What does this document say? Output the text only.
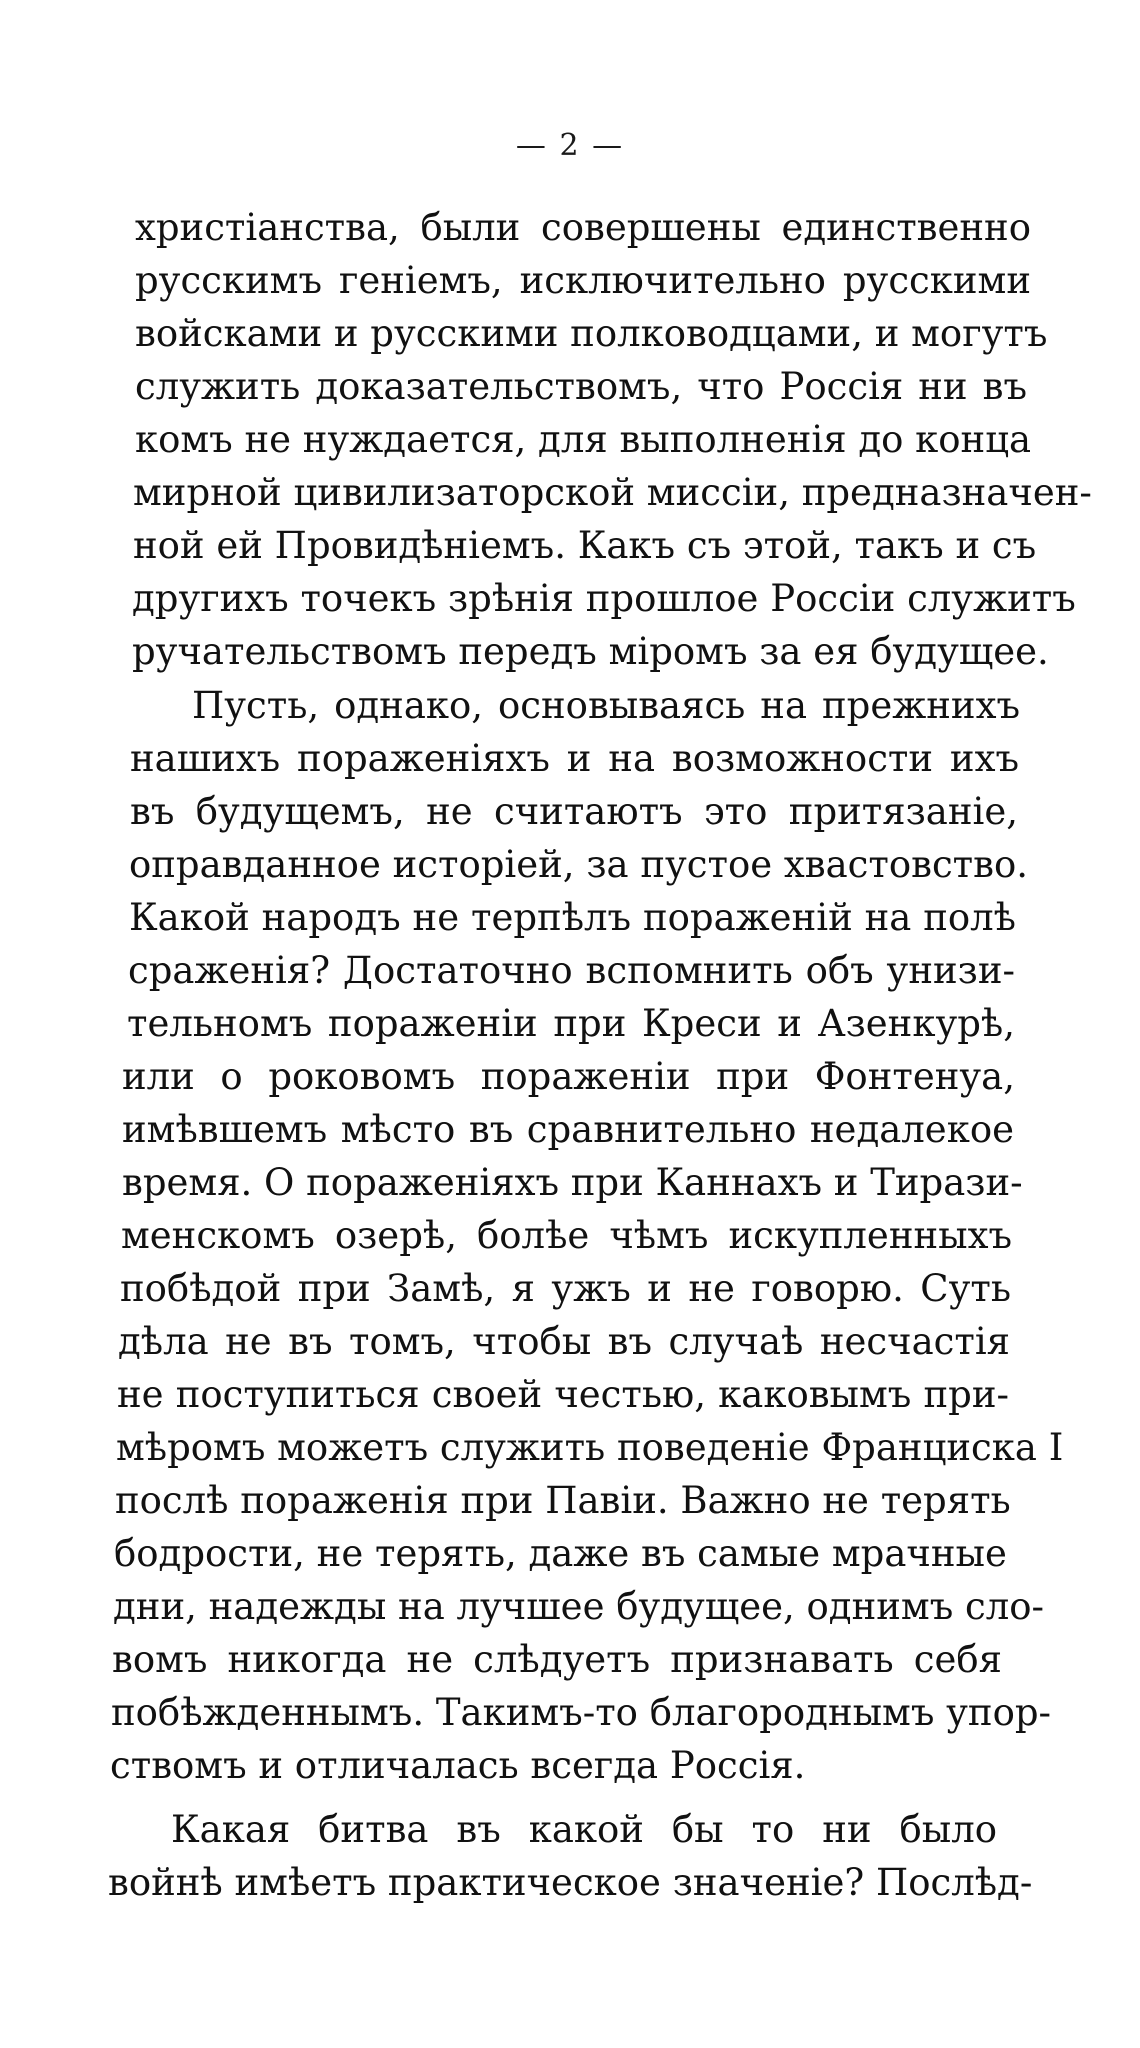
— 2 —
христіанства, были совершены единственно
русскимъ геніемъ, исключительно русскими
войсками и русскими полководцами, и могутъ
служить доказательствомъ, что Россія ни въ
комъ не нуждается, для выполненія до конца
мирной цивилизаторской миссіи, предназначен-
ной ей Провидѣніемъ. Какъ съ этой, такъ и съ
другихъ точекъ зрѣнія прошлое Россіи служитъ
ручательствомъ передъ міромъ за ея будущее.
Пусть, однако, основываясь на прежнихъ
нашихъ пораженіяхъ и на возможности ихъ
въ будущемъ, не считаютъ это притязаніе,
оправданное исторіей, за пустое хвастовство.
Какой народъ не терпѣлъ пораженій на полѣ
сраженія? Достаточно вспомнить объ унизи-
тельномъ пораженіи при Креси и Азенкурѣ,
или о роковомъ пораженіи при Фонтенуа,
имѣвшемъ мѣсто въ сравнительно недалекое
время. О пораженіяхъ при Каннахъ и Тирази-
менскомъ озерѣ, болѣе чѣмъ искупленныхъ
побѣдой при Замѣ, я ужъ и не говорю. Суть
дѣла не въ томъ, чтобы въ случаѣ несчастія
не поступиться своей честью, каковымъ при-
мѣромъ можетъ служить поведеніе Франциска I
послѣ пораженія при Павіи. Важно не терять
бодрости, не терять, даже въ самые мрачные
дни, надежды на лучшее будущее, однимъ сло-
вомъ никогда не слѣдуетъ признавать себя
побѣжденнымъ. Такимъ-то благороднымъ упор-
ствомъ и отличалась всегда Россія.
Какая битва въ какой бы то ни было
войнѣ имѣетъ практическое значеніе? Послѣд-
